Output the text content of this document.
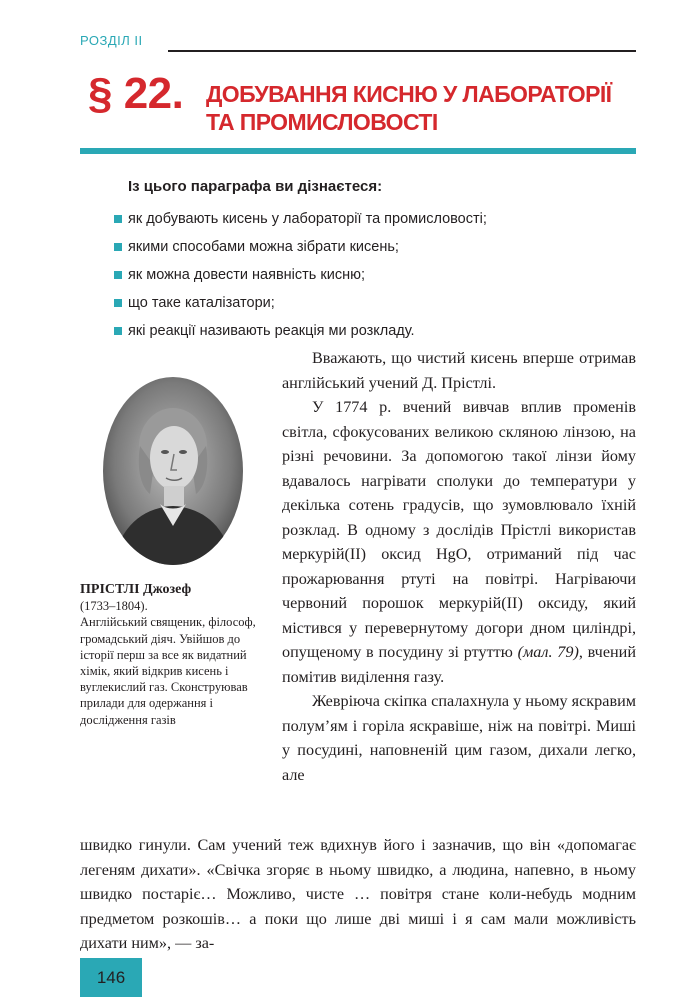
РОЗДІЛ II
§ 22. ДОБУВАННЯ КИСНЮ У ЛАБОРАТОРІЇ ТА ПРОМИСЛОВОСТІ
Із цього параграфа ви дізнаєтеся:
як добувають кисень у лабораторії та промисловості;
якими способами можна зібрати кисень;
як можна довести наявність кисню;
що таке каталізатори;
які реакції називають реакція ми розкладу.
ПРІСТЛІ Джозеф
(1733–1804).
Англійський священик, філософ, громадський діяч. Увійшов до історії перш за все як видатний хімік, який відкрив кисень і вуглекислий газ. Сконструював прилади для одержання і дослідження газів

Вважають, що чистий кисень вперше отримав англійський учений Д. Прістлі.

У 1774 р. вчений вивчав вплив променів світла, сфокусованих великою скляною лінзою, на різні речовини. За допомогою такої лінзи йому вдавалось нагрівати сполуки до температури у декілька сотень градусів, що зумовлювало їхній розклад. В одному з дослідів Прістлі використав меркурій(ІІ) оксид HgO, отриманий під час прожарювання ртуті на повітрі. Нагріваючи червоний порошок меркурій(ІІ) оксиду, який містився у перевернутому догори дном циліндрі, опущеному в посудину зі ртуттю (мал. 79), вчений помітив виділення газу.

Жевріюча скіпка спалахнула у ньому яскравим полум’ям і горіла яскравіше, ніж на повітрі. Миші у посудині, наповненій цим газом, дихали легко, але

швидко гинули. Сам учений теж вдихнув його і зазначив, що він «допомагає легеням дихати». «Свічка згоряє в ньому швидко, а людина, напевно, в ньому швидко постаріє… Можливо, чисте … повітря стане коли-небудь модним предметом розкошів… а поки що лише дві миші і я сам мали можливість дихати ним», — за-

146
